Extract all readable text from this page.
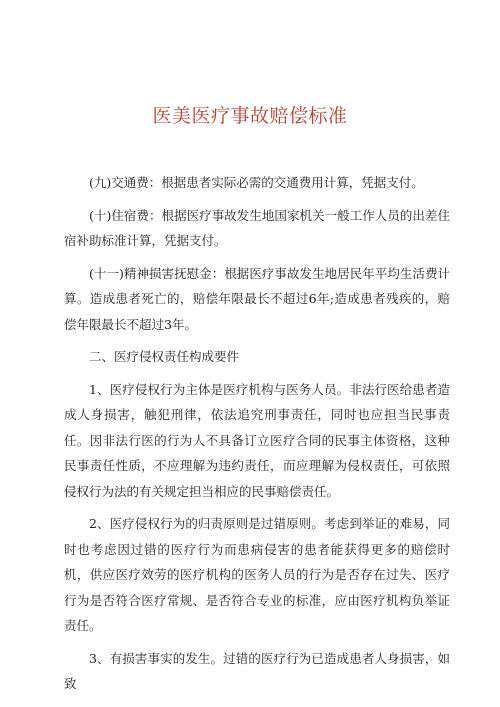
医美医疗事故赔偿标准

(九)交通费：根据患者实际必需的交通费用计算，凭据支付。

(十)住宿费：根据医疗事故发生地国家机关一般工作人员的出差住宿补助标准计算，凭据支付。

(十一)精神损害抚慰金：根据医疗事故发生地居民年平均生活费计算。造成患者死亡的，赔偿年限最长不超过6年;造成患者残疾的，赔偿年限最长不超过3年。

二、医疗侵权责任构成要件

1、医疗侵权行为主体是医疗机构与医务人员。非法行医给患者造成人身损害，触犯刑律，依法追究刑事责任，同时也应担当民事责任。因非法行医的行为人不具备订立医疗合同的民事主体资格，这种民事责任性质，不应理解为违约责任，而应理解为侵权责任，可依照侵权行为法的有关规定担当相应的民事赔偿责任。

2、医疗侵权行为的归责原则是过错原则。考虑到举证的难易，同时也考虑因过错的医疗行为而患病侵害的患者能获得更多的赔偿时机，供应医疗效劳的医疗机构的医务人员的行为是否存在过失、医疗行为是否符合医疗常规、是否符合专业的标准，应由医疗机构负举证责任。

3、有损害事实的发生。过错的医疗行为已造成患者人身损害，如致
